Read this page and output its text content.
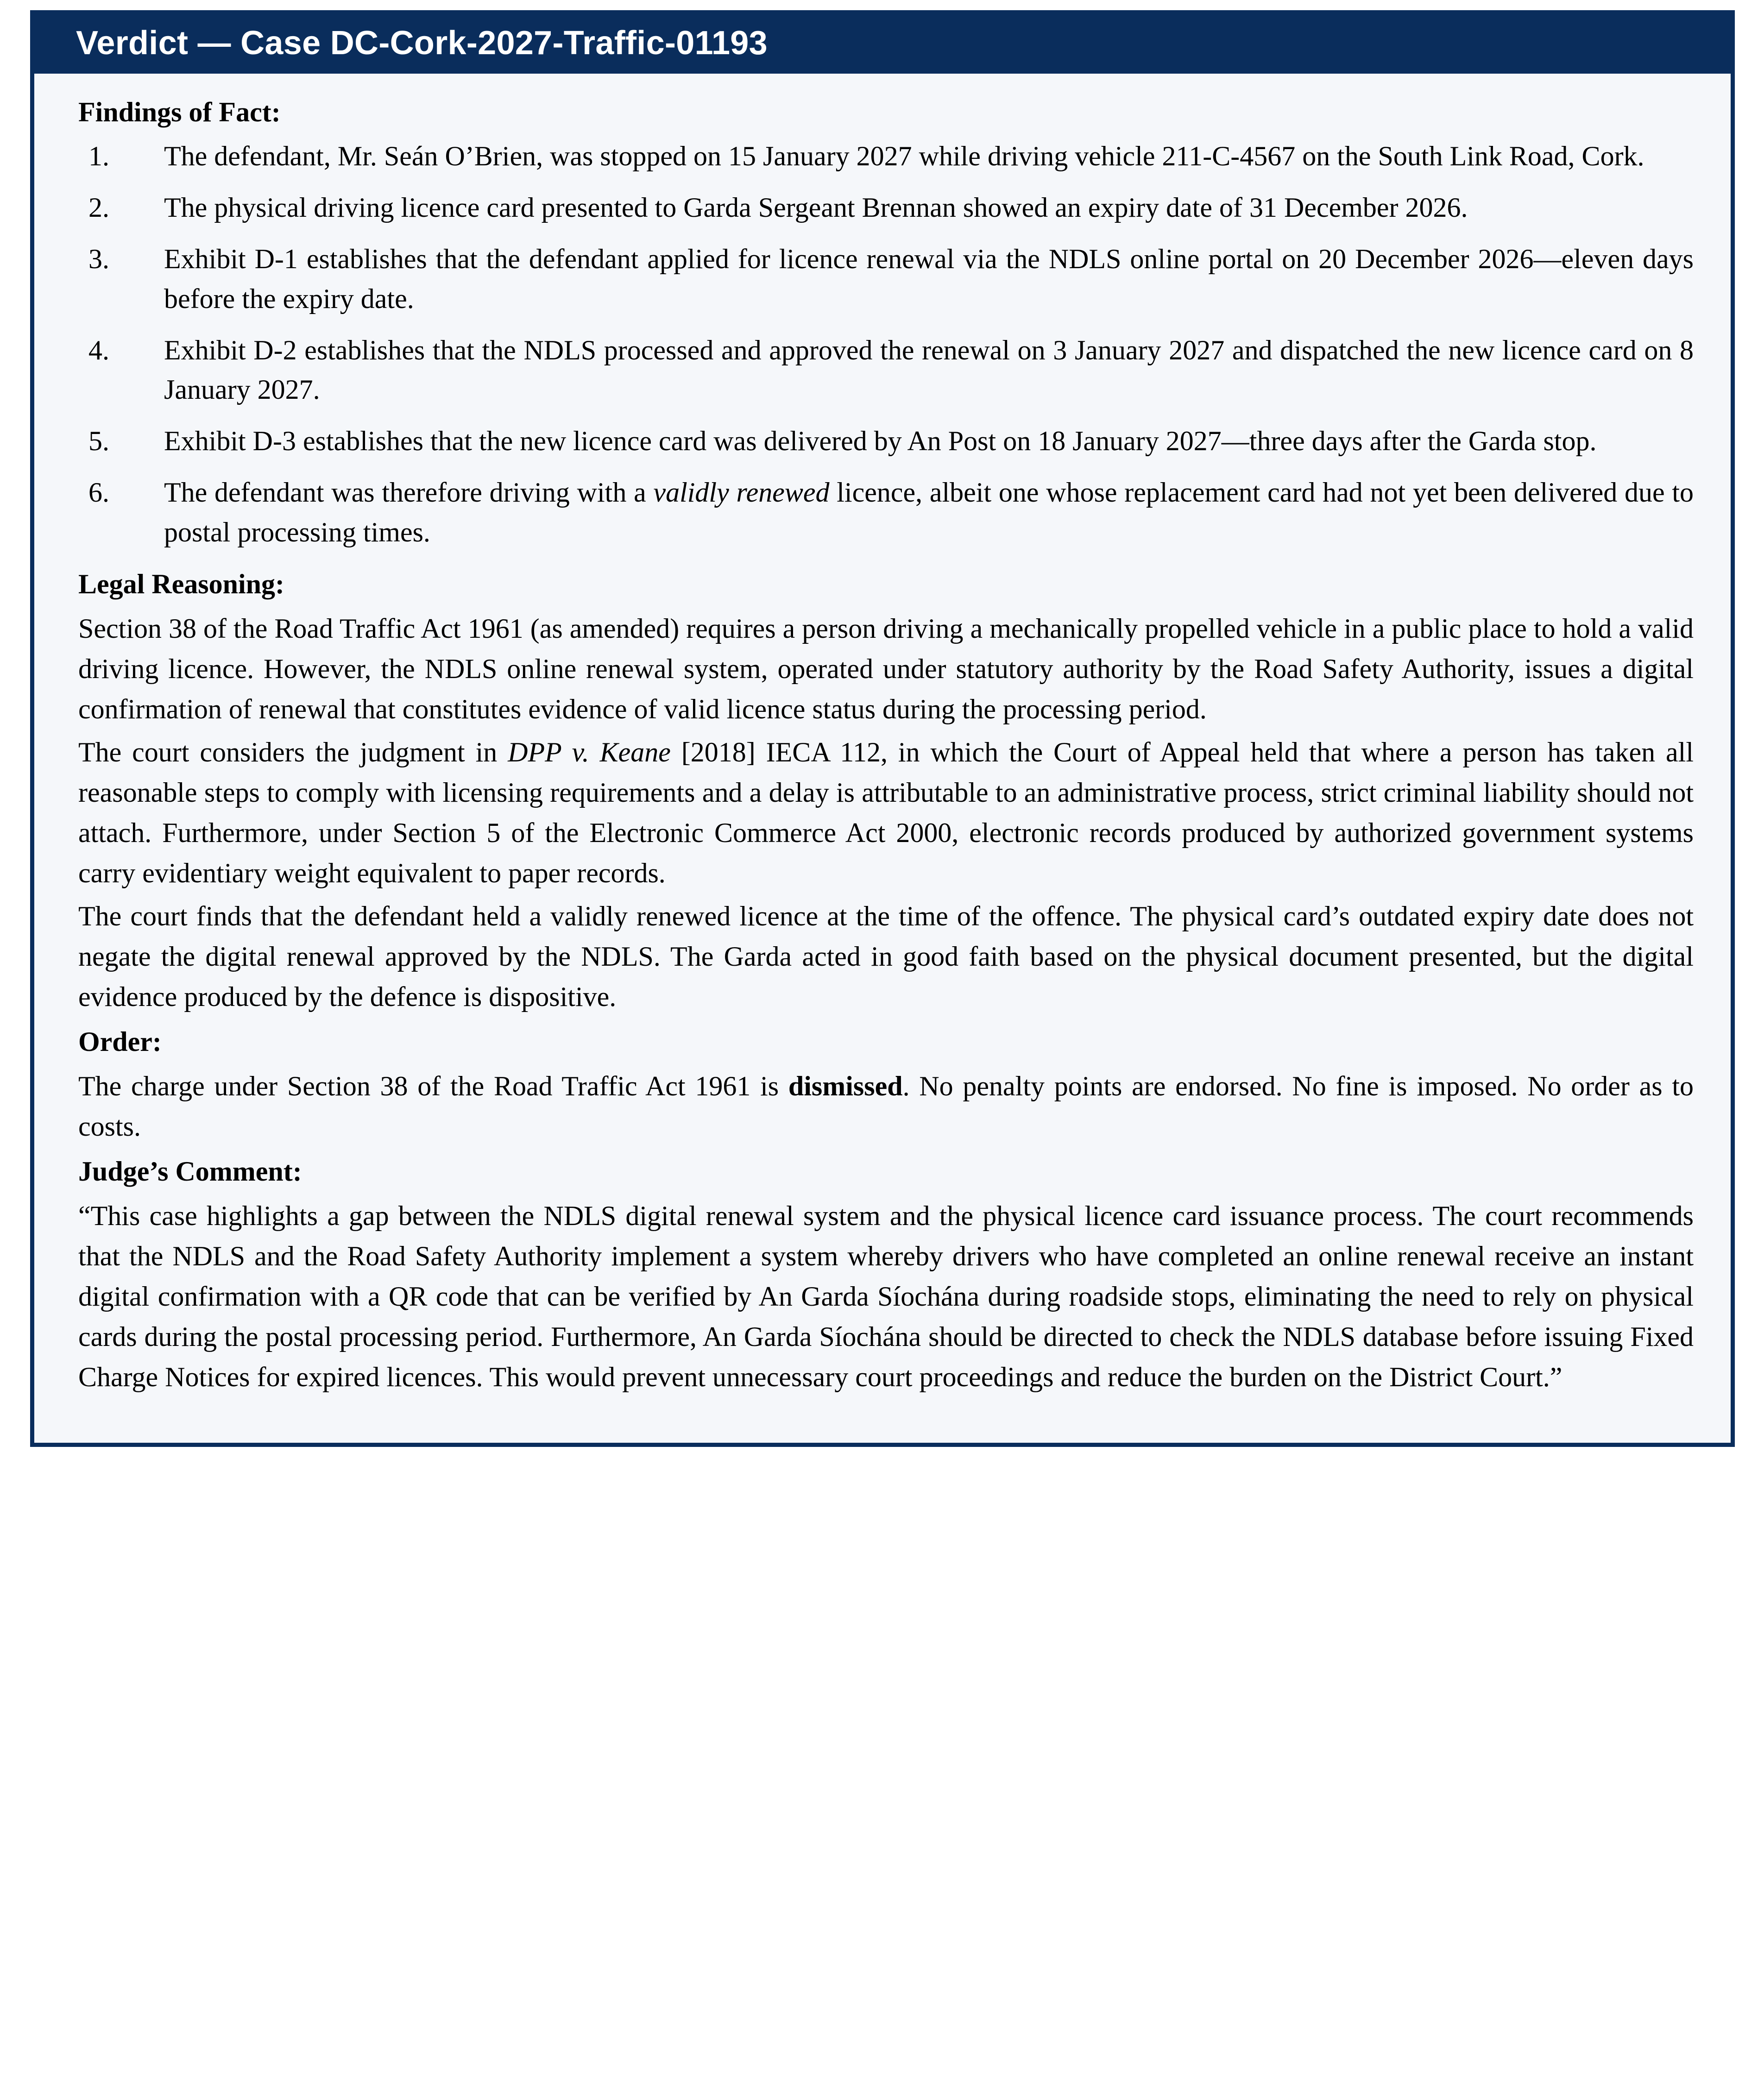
Verdict — Case DC-Cork-2027-Traffic-01193
Findings of Fact:
The defendant, Mr. Seán O’Brien, was stopped on 15 January 2027 while driving vehicle 211-C-4567 on the South Link Road, Cork.
The physical driving licence card presented to Garda Sergeant Brennan showed an expiry date of 31 December 2026.
Exhibit D-1 establishes that the defendant applied for licence renewal via the NDLS online portal on 20 December 2026—eleven days before the expiry date.
Exhibit D-2 establishes that the NDLS processed and approved the renewal on 3 January 2027 and dispatched the new licence card on 8 January 2027.
Exhibit D-3 establishes that the new licence card was delivered by An Post on 18 January 2027—three days after the Garda stop.
The defendant was therefore driving with a validly renewed licence, albeit one whose replacement card had not yet been delivered due to postal processing times.
Legal Reasoning:

Section 38 of the Road Traffic Act 1961 (as amended) requires a person driving a mechanically propelled vehicle in a public place to hold a valid driving licence. However, the NDLS online renewal system, operated under statutory authority by the Road Safety Authority, issues a digital confirmation of renewal that constitutes evidence of valid licence status during the processing period.

The court considers the judgment in DPP v. Keane [2018] IECA 112, in which the Court of Appeal held that where a person has taken all reasonable steps to comply with licensing requirements and a delay is attributable to an administrative process, strict criminal liability should not attach. Furthermore, under Section 5 of the Electronic Commerce Act 2000, electronic records produced by authorized government systems carry evidentiary weight equivalent to paper records.

The court finds that the defendant held a validly renewed licence at the time of the offence. The physical card’s outdated expiry date does not negate the digital renewal approved by the NDLS. The Garda acted in good faith based on the physical document presented, but the digital evidence produced by the defence is dispositive.

Order:

The charge under Section 38 of the Road Traffic Act 1961 is dismissed. No penalty points are endorsed. No fine is imposed. No order as to costs.

Judge’s Comment:

“This case highlights a gap between the NDLS digital renewal system and the physical licence card issuance process. The court recommends that the NDLS and the Road Safety Authority implement a system whereby drivers who have completed an online renewal receive an instant digital confirmation with a QR code that can be verified by An Garda Síochána during roadside stops, eliminating the need to rely on physical cards during the postal processing period. Furthermore, An Garda Síochána should be directed to check the NDLS database before issuing Fixed Charge Notices for expired licences. This would prevent unnecessary court proceedings and reduce the burden on the District Court.”
